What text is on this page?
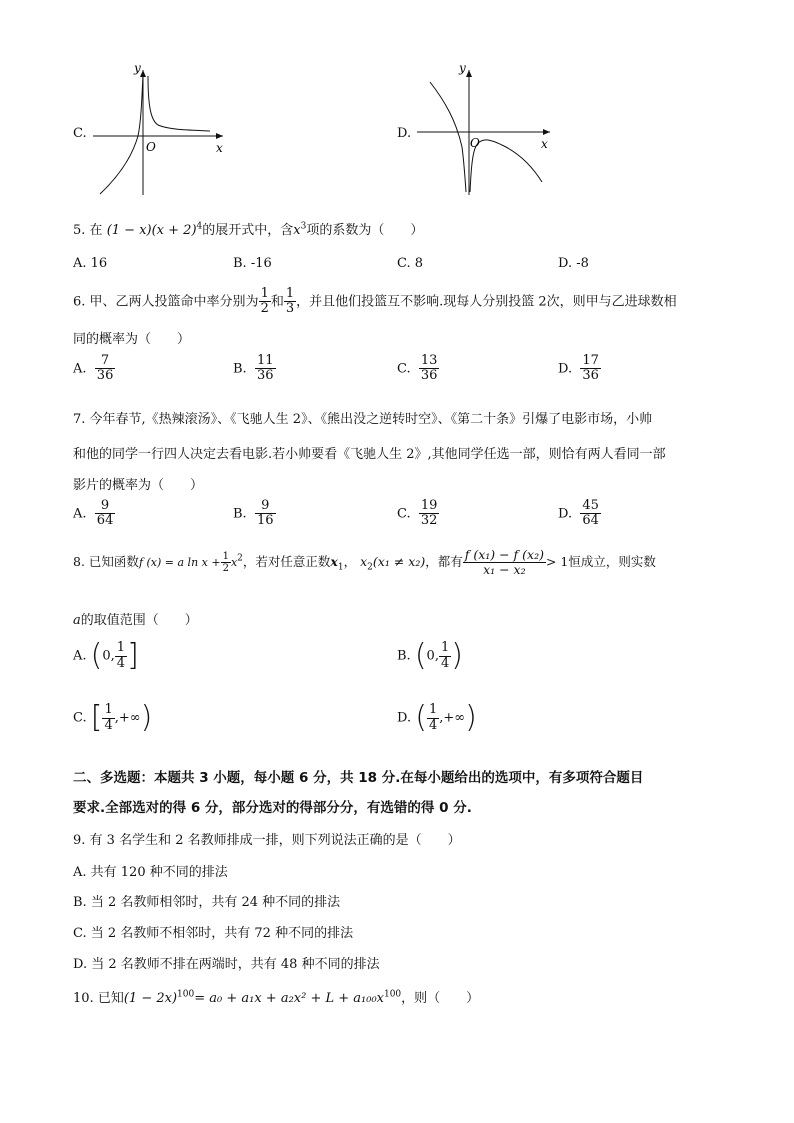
C.
y
x
O
D.
y
x
O
5. 在 $(1 - x)(x + 2)^4$的展开式中，含$x^3$项的系数为（　　）
A. 16	B. -16	C. 8	D. -8
6. 甲、乙两人投篮命中率分别为 $\frac{1}{2}$ 和 $\frac{1}{3}$ ，并且他们投篮互不影响.现每人分别投篮 2次，则甲与乙进球数相
同的概率为（　　）
A. $\frac{7}{36}$	B. $\frac{11}{36}$	C. $\frac{13}{36}$	D. $\frac{17}{36}$
7. 今年春节,《热辣滚汤》、《飞驰人生 2》、《熊出没之逆转时空》、《第二十条》引爆了电影市场，小帅
和他的同学一行四人决定去看电影.若小帅要看《飞驰人生 2》,其他同学任选一部，则恰有两人看同一部
影片的概率为（　　）
A. $\frac{9}{64}$	B. $\frac{9}{16}$	C. $\frac{19}{32}$	D. $\frac{45}{64}$
8. 已知函数f (x) = a $\ln x + \frac{1}{2} x^2$，若对任意正数$x_1$， $x_2(x_1 \ne x_2)$，都有 $\frac{\text{f (x₁) − f (x₂)}}{\text{x₁ − x₂}} > 1$恒成立，则实数
a的取值范围（　　）
A. (0, $\frac{1}{4}$ ]	B. (0, $\frac{1}{4}$ )
C. [ $\frac{1}{4}$ ,+∞)	D. ( $\frac{1}{4}$ ,+∞)
二、多选题：本题共 3 小题，每小题 6 分，共 18 分.在每小题给出的选项中，有多项符合题目
要求.全部选对的得 6 分，部分选对的得部分分，有选错的得 0 分.
9. 有 3 名学生和 2 名教师排成一排，则下列说法正确的是（　　）
A. 共有 120 种不同的排法
B. 当 2 名教师相邻时，共有 24 种不同的排法
C. 当 2 名教师不相邻时，共有 72 种不同的排法
D. 当 2 名教师不排在两端时，共有 48 种不同的排法
10. 已知$(1 - 2x)^{100}= a_0 + a_1x + a_2x^2 + L + a_{100}x^{100}$，则（　　）
